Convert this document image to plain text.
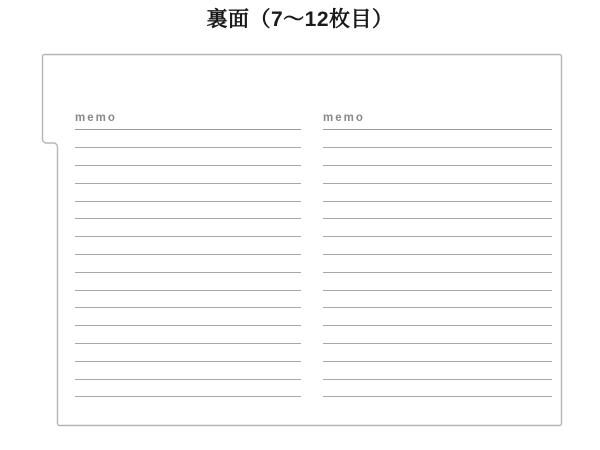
裏面（7〜12枚目）
memo	memo
